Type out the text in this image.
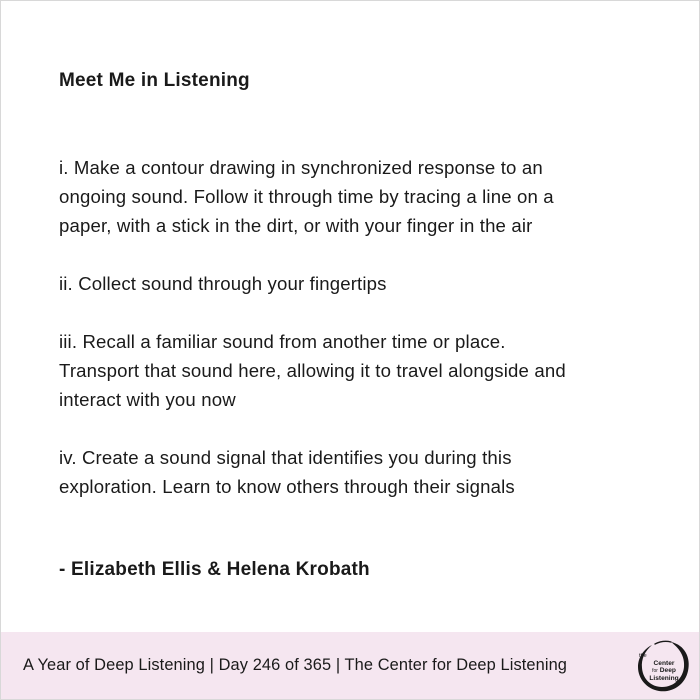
Meet Me in Listening

i. Make a contour drawing in synchronized response to an
ongoing sound. Follow it through time by tracing a line on a
paper, with a stick in the dirt, or with your finger in the air

ii. Collect sound through your fingertips

iii. Recall a familiar sound from another time or place.
Transport that sound here, allowing it to travel alongside and
interact with you now

iv. Create a sound signal that identifies you during this
exploration. Learn to know others through their signals

- Elizabeth Ellis & Helena Krobath

A Year of Deep Listening | Day 246 of 365 | The Center for Deep Listening	the
Center
for Deep
Listening
